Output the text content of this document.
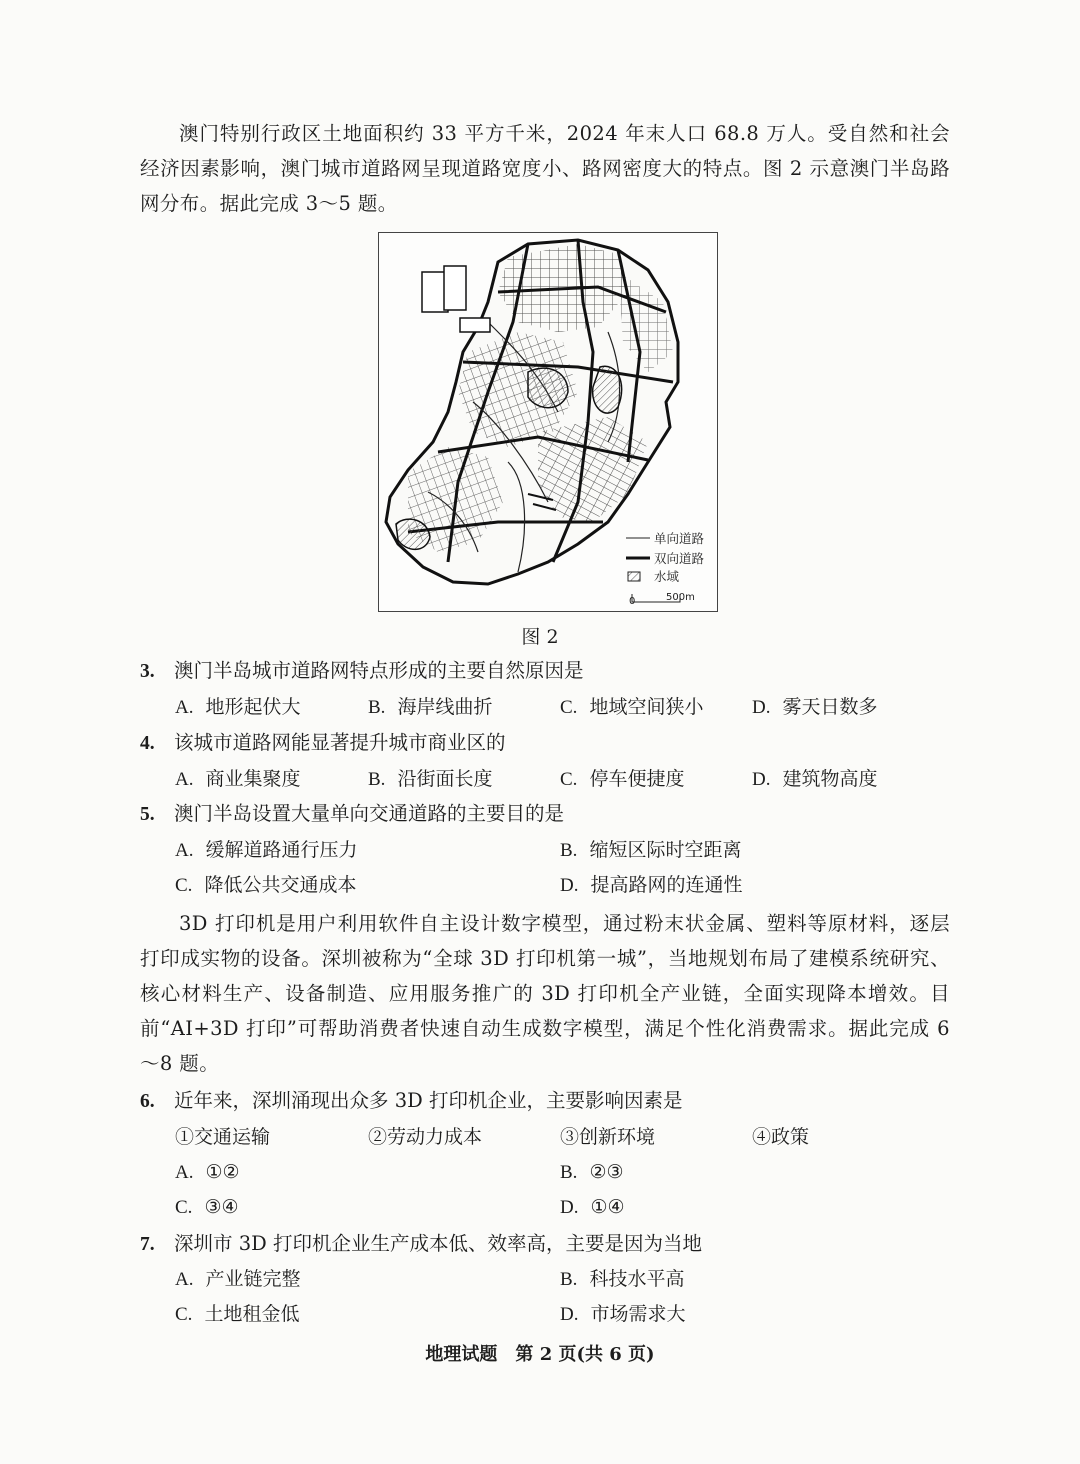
澳门特别行政区土地面积约 33 平方千米，2024 年末人口 68.8 万人。受自然和社会经济因素影响，澳门城市道路网呈现道路宽度小、路网密度大的特点。图 2 示意澳门半岛路网分布。据此完成 3～5 题。
单向道路
双向道路
水域
0	500m
图 2
3. 澳门半岛城市道路网特点形成的主要自然原因是
A. 地形起伏大	B. 海岸线曲折	C. 地域空间狭小	D. 雾天日数多
4. 该城市道路网能显著提升城市商业区的
A. 商业集聚度	B. 沿街面长度	C. 停车便捷度	D. 建筑物高度
5. 澳门半岛设置大量单向交通道路的主要目的是
A. 缓解道路通行压力	B. 缩短区际时空距离
C. 降低公共交通成本	D. 提高路网的连通性
3D 打印机是用户利用软件自主设计数字模型，通过粉末状金属、塑料等原材料，逐层打印成实物的设备。深圳被称为“全球 3D 打印机第一城”，当地规划布局了建模系统研究、核心材料生产、设备制造、应用服务推广的 3D 打印机全产业链，全面实现降本增效。目前“AI+3D 打印”可帮助消费者快速自动生成数字模型，满足个性化消费需求。据此完成 6～8 题。
6. 近年来，深圳涌现出众多 3D 打印机企业，主要影响因素是
①交通运输	②劳动力成本	③创新环境	④政策
A. ①②	B. ②③
C. ③④	D. ①④
7. 深圳市 3D 打印机企业生产成本低、效率高，主要是因为当地
A. 产业链完整	B. 科技水平高
C. 土地租金低	D. 市场需求大
地理试题　第 2 页(共 6 页)
